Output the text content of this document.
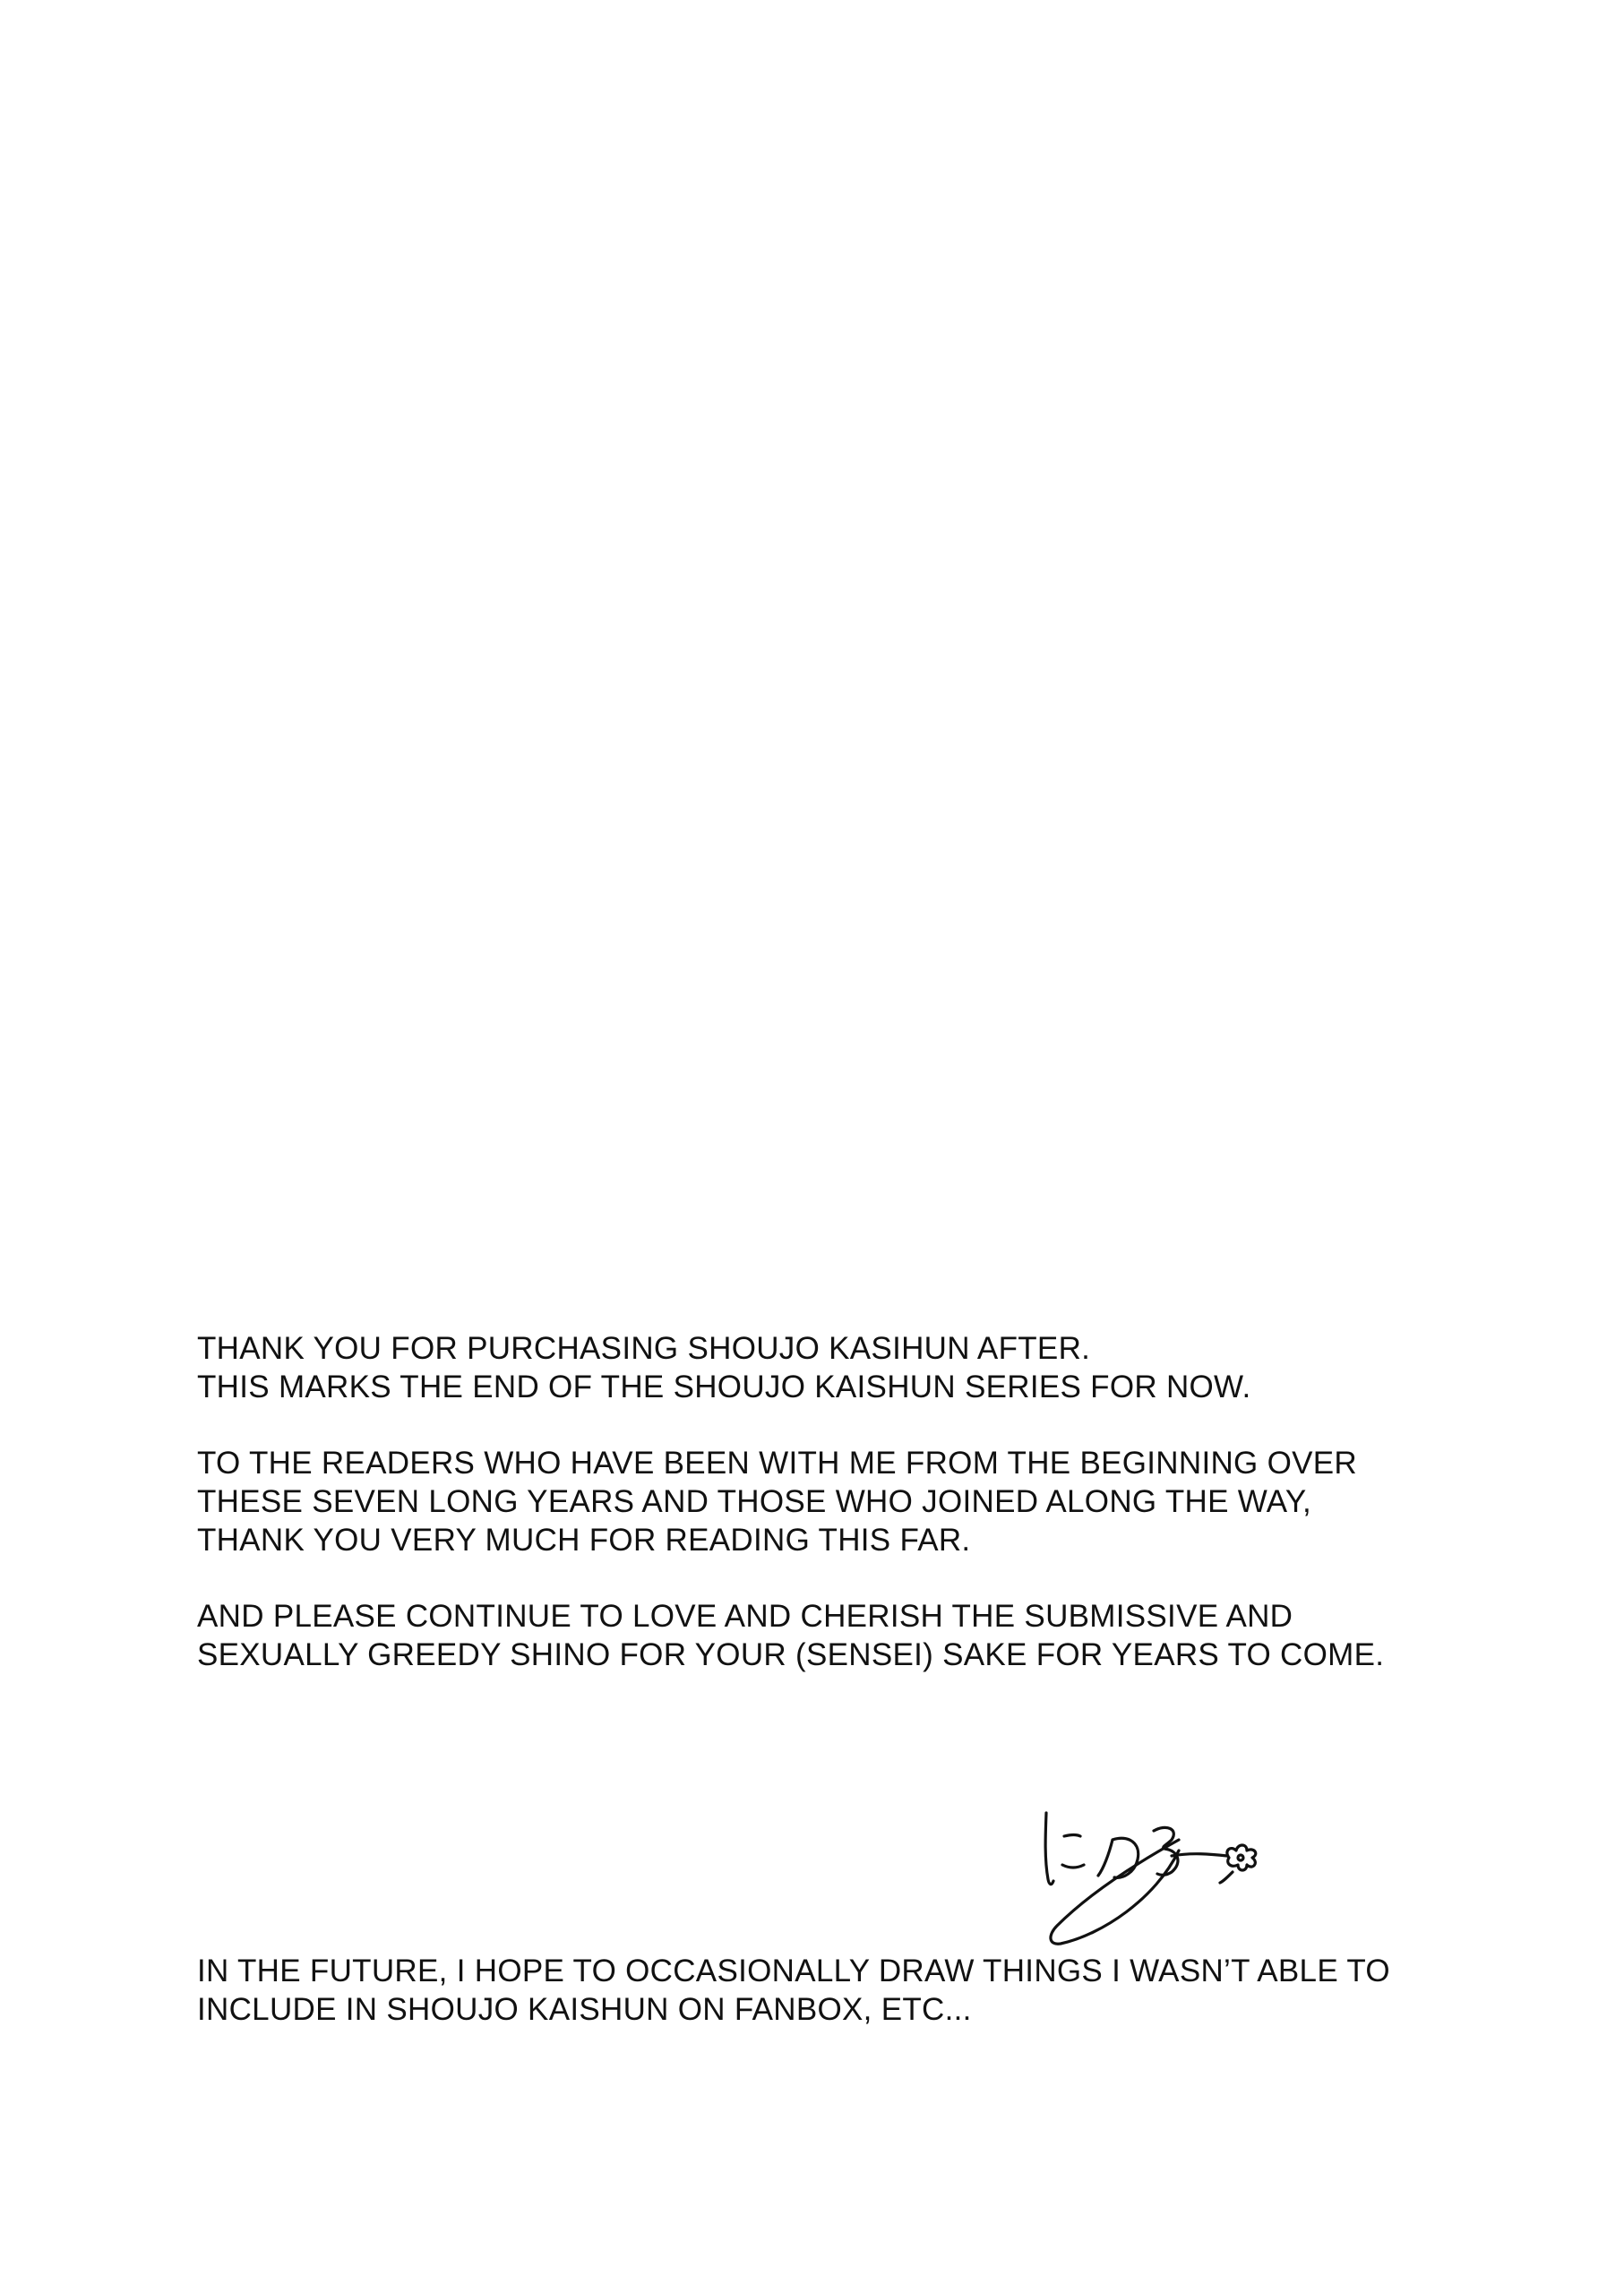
THANK YOU FOR PURCHASING SHOUJO KASIHUN AFTER.
THIS MARKS THE END OF THE SHOUJO KAISHUN SERIES FOR NOW.
TO THE READERS WHO HAVE BEEN WITH ME FROM THE BEGINNING OVER
THESE SEVEN LONG YEARS AND THOSE WHO JOINED ALONG THE WAY,
THANK YOU VERY MUCH FOR READING THIS FAR.
AND PLEASE CONTINUE TO LOVE AND CHERISH THE SUBMISSIVE AND
SEXUALLY GREEDY SHINO FOR YOUR (SENSEI) SAKE FOR YEARS TO COME.
IN THE FUTURE, I HOPE TO OCCASIONALLY DRAW THINGS I WASN’T ABLE TO
INCLUDE IN SHOUJO KAISHUN ON FANBOX, ETC...
